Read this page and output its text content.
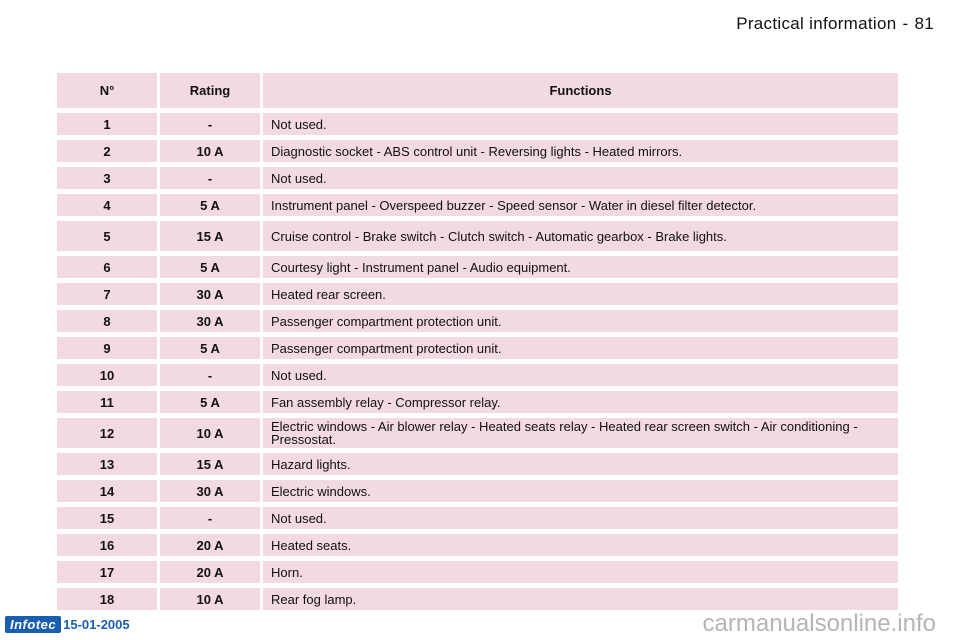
Practical information - 81
N°	Rating	Functions
1	-	Not used.
2	10 A	Diagnostic socket - ABS control unit - Reversing lights - Heated mirrors.
3	-	Not used.
4	5 A	Instrument panel - Overspeed buzzer - Speed sensor - Water in diesel filter detector.
5	15 A	Cruise control - Brake switch - Clutch switch - Automatic gearbox - Brake lights.
6	5 A	Courtesy light - Instrument panel - Audio equipment.
7	30 A	Heated rear screen.
8	30 A	Passenger compartment protection unit.
9	5 A	Passenger compartment protection unit.
10	-	Not used.
11	5 A	Fan assembly relay - Compressor relay.
12	10 A	Electric windows - Air blower relay - Heated seats relay - Heated rear screen switch - Air conditioning - Pressostat.
13	15 A	Hazard lights.
14	30 A	Electric windows.
15	-	Not used.
16	20 A	Heated seats.
17	20 A	Horn.
18	10 A	Rear fog lamp.
Infotec 15-01-2005	carmanualsonline.info
